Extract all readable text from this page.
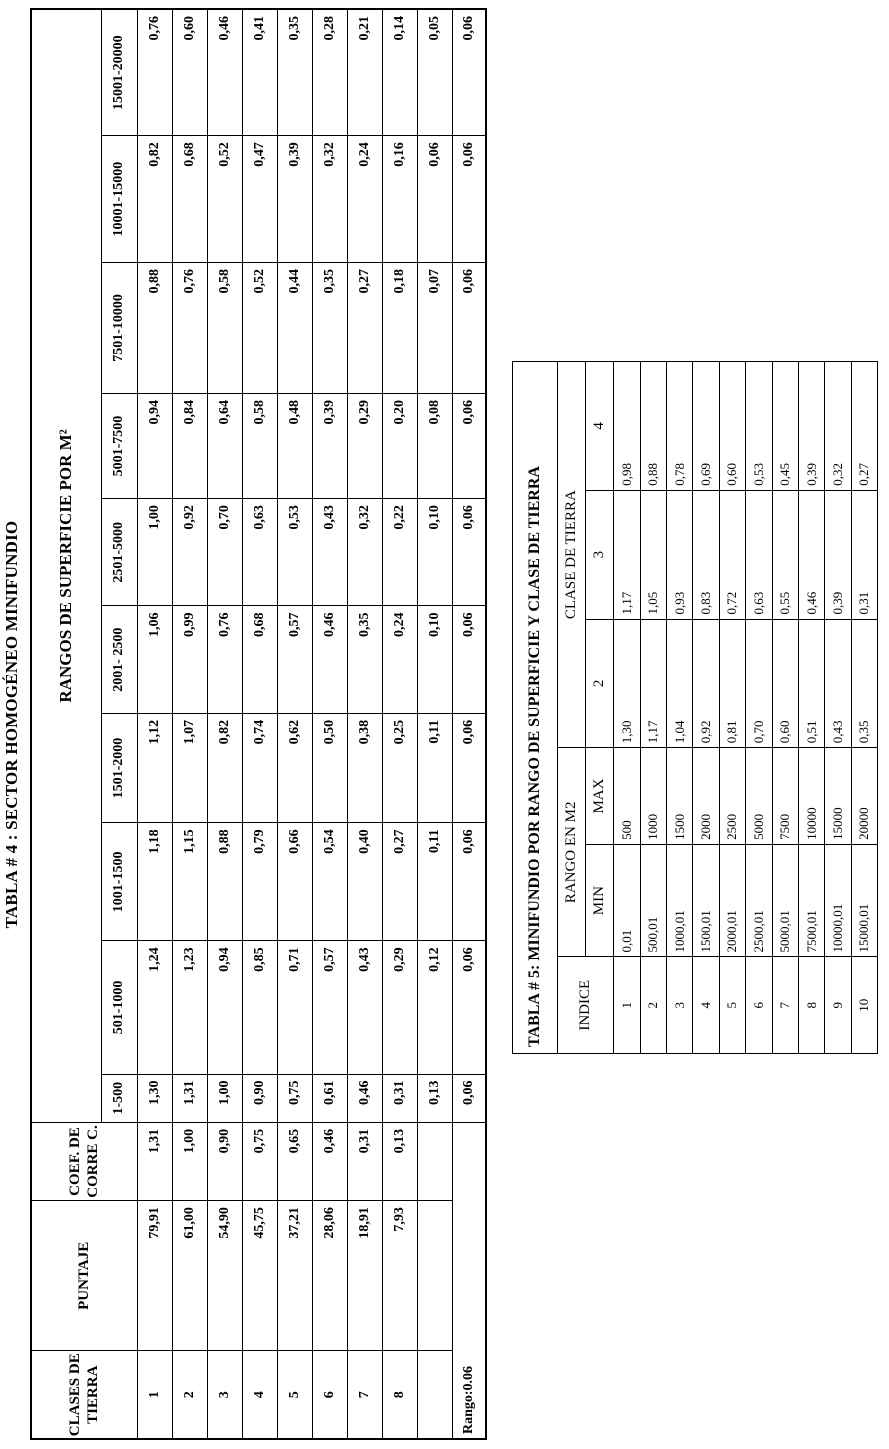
TABLA # 4 : SECTOR HOMOGÉNEO MINIFUNDIO
CLASES DE TIERRA	PUNTAJE	COEF. DE CORRE C.	RANGOS DE SUPERFICIE POR M²									
			1-500	501-1000	1001-1500	1501-2000	2001- 2500	2501-5000	5001-7500	7501-10000	10001-15000	15001-20000
1	79,91	1,31	1,30	1,24	1,18	1,12	1,06	1,00	0,94	0,88	0,82	0,76
2	61,00	1,00	1,31	1,23	1,15	1,07	0,99	0,92	0,84	0,76	0,68	0,60
3	54,90	0,90	1,00	0,94	0,88	0,82	0,76	0,70	0,64	0,58	0,52	0,46
4	45,75	0,75	0,90	0,85	0,79	0,74	0,68	0,63	0,58	0,52	0,47	0,41
5	37,21	0,65	0,75	0,71	0,66	0,62	0,57	0,53	0,48	0,44	0,39	0,35
6	28,06	0,46	0,61	0,57	0,54	0,50	0,46	0,43	0,39	0,35	0,32	0,28
7	18,91	0,31	0,46	0,43	0,40	0,38	0,35	0,32	0,29	0,27	0,24	0,21
8	7,93	0,13	0,31	0,29	0,27	0,25	0,24	0,22	0,20	0,18	0,16	0,14
			0,13	0,12	0,11	0,11	0,10	0,10	0,08	0,07	0,06	0,05
Rango:0.06			0,06	0,06	0,06	0,06	0,06	0,06	0,06	0,06	0,06	0,06
TABLA # 5: MINIFUNDIO POR RANGO DE SUPERFICIE Y CLASE DE TIERRA					
INDICE	RANGO EN M2		CLASE DE TIERRA		
	MIN	MAX	2	3	4
1	0,01	500	1,30	1,17	0,98
2	500,01	1000	1,17	1,05	0,88
3	1000,01	1500	1,04	0,93	0,78
4	1500,01	2000	0,92	0,83	0,69
5	2000,01	2500	0,81	0,72	0,60
6	2500,01	5000	0,70	0,63	0,53
7	5000,01	7500	0,60	0,55	0,45
8	7500,01	10000	0,51	0,46	0,39
9	10000,01	15000	0,43	0,39	0,32
10	15000,01	20000	0,35	0,31	0,27
